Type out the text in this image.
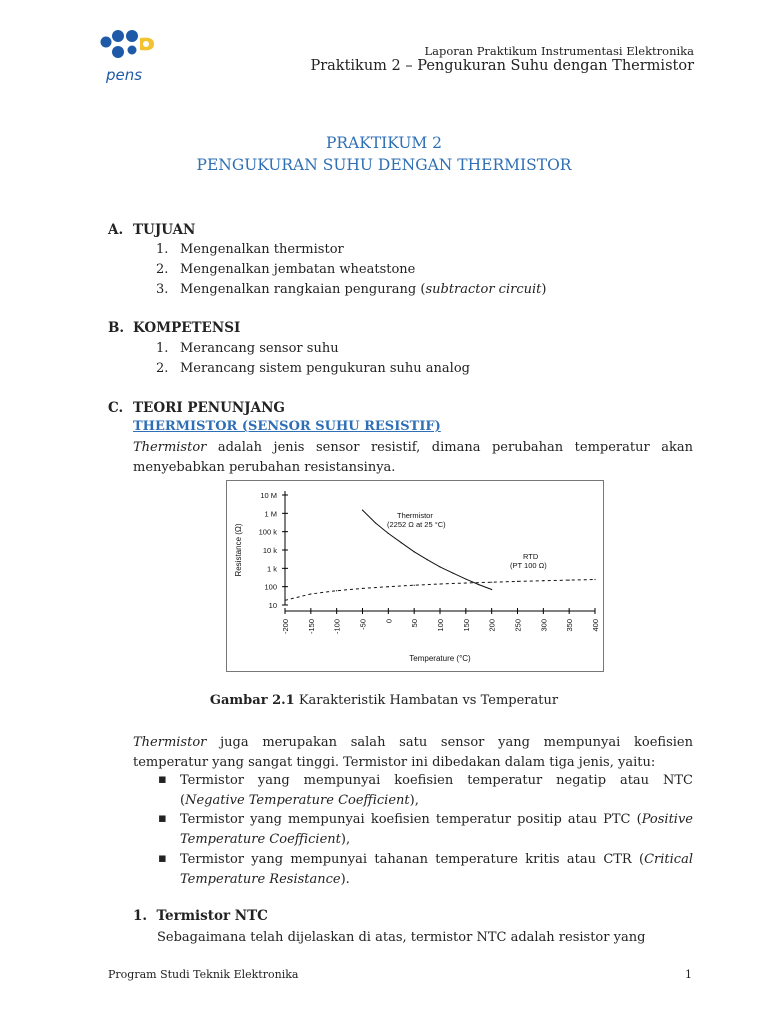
pens
Laporan Praktikum Instrumentasi Elektronika
Praktikum 2 – Pengukuran Suhu dengan Thermistor
PRAKTIKUM 2
PENGUKURAN SUHU DENGAN THERMISTOR
A. TUJUAN
1. Mengenalkan thermistor
2. Mengenalkan jembatan wheatstone
3. Mengenalkan rangkaian pengurang (subtractor circuit)
B. KOMPETENSI
1. Merancang sensor suhu
2. Merancang sistem pengukuran suhu analog
C. TEORI PENUNJANG
THERMISTOR (SENSOR SUHU RESISTIF)
Thermistor adalah jenis sensor resistif, dimana perubahan temperatur akan menyebabkan perubahan resistansinya.
10
100
1 k
10 k
100 k
1 M
10 M
-200 -150 -100 -50 0 50 100 150 200 250 300 350 400
Temperature (°C)
Resistance (Ω)
Thermistor
(2252 Ω at 25 °C)
RTD
(PT 100 Ω)
Gambar 2.1 Karakteristik Hambatan vs Temperatur
Thermistor juga merupakan salah satu sensor yang mempunyai koefisien temperatur yang sangat tinggi. Termistor ini dibedakan dalam tiga jenis, yaitu:
▪ Termistor yang mempunyai koefisien temperatur negatip atau NTC (Negative Temperature Coefficient),
▪ Termistor yang mempunyai koefisien temperatur positip atau PTC (Positive Temperature Coefficient),
▪ Termistor yang mempunyai tahanan temperature kritis atau CTR (Critical Temperature Resistance).
1.  Termistor NTC
Sebagaimana telah dijelaskan di atas, termistor NTC adalah resistor yang
Program Studi Teknik Elektronika	1
